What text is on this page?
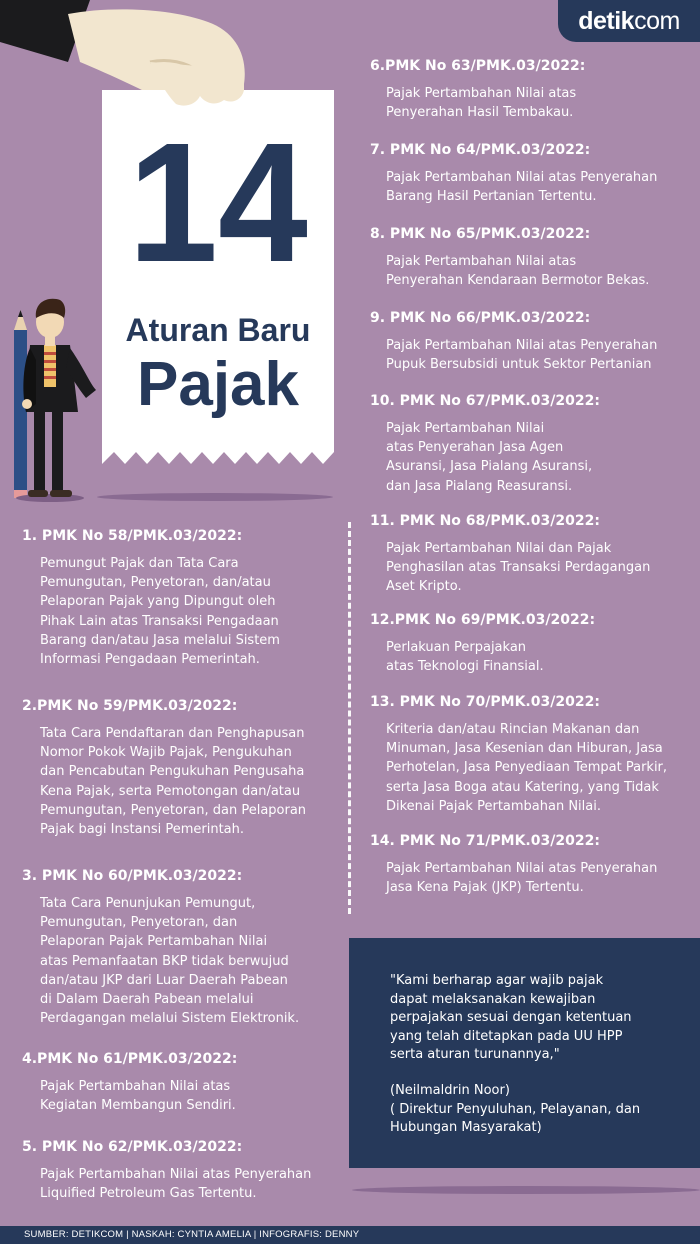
detik com
14
Aturan Baru
Pajak
1. PMK No 58/PMK.03/2022:

Pemungut Pajak dan Tata Cara
Pemungutan, Penyetoran, dan/atau
Pelaporan Pajak yang Dipungut oleh
Pihak Lain atas Transaksi Pengadaan
Barang dan/atau Jasa melalui Sistem
Informasi Pengadaan Pemerintah.

2.PMK No 59/PMK.03/2022:

Tata Cara Pendaftaran dan Penghapusan
Nomor Pokok Wajib Pajak, Pengukuhan
dan Pencabutan Pengukuhan Pengusaha
Kena Pajak, serta Pemotongan dan/atau
Pemungutan, Penyetoran, dan Pelaporan
Pajak bagi Instansi Pemerintah.

3. PMK No 60/PMK.03/2022:

Tata Cara Penunjukan Pemungut,
Pemungutan, Penyetoran, dan
Pelaporan Pajak Pertambahan Nilai
atas Pemanfaatan BKP tidak berwujud
dan/atau JKP dari Luar Daerah Pabean
di Dalam Daerah Pabean melalui
Perdagangan melalui Sistem Elektronik.

4.PMK No 61/PMK.03/2022:

Pajak Pertambahan Nilai atas
Kegiatan Membangun Sendiri.

5. PMK No 62/PMK.03/2022:

Pajak Pertambahan Nilai atas Penyerahan
Liquified Petroleum Gas Tertentu.

6.PMK No 63/PMK.03/2022:

Pajak Pertambahan Nilai atas
Penyerahan Hasil Tembakau.

7. PMK No 64/PMK.03/2022:

Pajak Pertambahan Nilai atas Penyerahan
Barang Hasil Pertanian Tertentu.

8. PMK No 65/PMK.03/2022:

Pajak Pertambahan Nilai atas
Penyerahan Kendaraan Bermotor Bekas.

9. PMK No 66/PMK.03/2022:

Pajak Pertambahan Nilai atas Penyerahan
Pupuk Bersubsidi untuk Sektor Pertanian

10. PMK No 67/PMK.03/2022:

Pajak Pertambahan Nilai
atas Penyerahan Jasa Agen
Asuransi, Jasa Pialang Asuransi,
dan Jasa Pialang Reasuransi.

11. PMK No 68/PMK.03/2022:

Pajak Pertambahan Nilai dan Pajak
Penghasilan atas Transaksi Perdagangan
Aset Kripto.

12.PMK No 69/PMK.03/2022:

Perlakuan Perpajakan
atas Teknologi Finansial.

13. PMK No 70/PMK.03/2022:

Kriteria dan/atau Rincian Makanan dan
Minuman, Jasa Kesenian dan Hiburan, Jasa
Perhotelan, Jasa Penyediaan Tempat Parkir,
serta Jasa Boga atau Katering, yang Tidak
Dikenai Pajak Pertambahan Nilai.

14. PMK No 71/PMK.03/2022:

Pajak Pertambahan Nilai atas Penyerahan
Jasa Kena Pajak (JKP) Tertentu.

"Kami berharap agar wajib pajak
dapat melaksanakan kewajiban
perpajakan sesuai dengan ketentuan
yang telah ditetapkan pada UU HPP
serta aturan turunannya,"
(Neilmaldrin Noor)
( Direktur Penyuluhan, Pelayanan, dan
Hubungan Masyarakat)
SUMBER: DETIKCOM | NASKAH: CYNTIA AMELIA | INFOGRAFIS: DENNY
